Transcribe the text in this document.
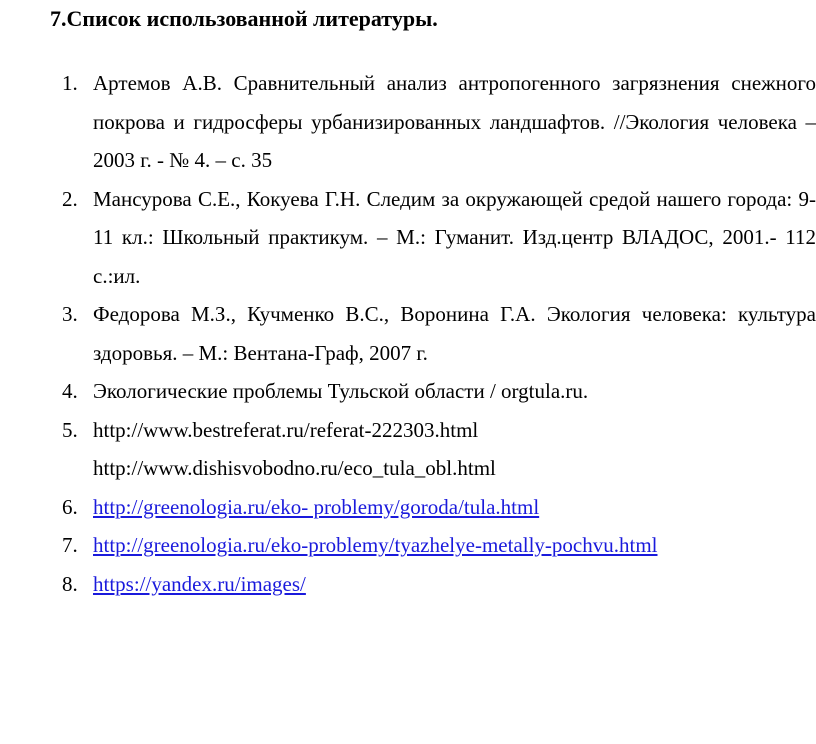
7.Список использованной литературы.
1. Артемов А.В. Сравнительный анализ антропогенного загрязнения снежного покрова и гидросферы урбанизированных ландшафтов. //Экология человека – 2003 г. - № 4. – с. 35
2. Мансурова С.Е., Кокуева Г.Н. Следим за окружающей средой нашего города: 9-11 кл.: Школьный практикум. – М.: Гуманит. Изд.центр ВЛАДОС, 2001.- 112 с.:ил.
3. Федорова М.З., Кучменко В.С., Воронина Г.А. Экология человека: культура здоровья. – М.: Вентана-Граф, 2007 г.
4. Экологические проблемы Тульской области / orgtula.ru.
5. http://www.bestreferat.ru/referat-222303.html
http://www.dishisvobodno.ru/eco_tula_obl.html
6. http://greenologia.ru/eko- problemy/goroda/tula.html
7. http://greenologia.ru/eko-problemy/tyazhelye-metally-pochvu.html
8. https://yandex.ru/images/
